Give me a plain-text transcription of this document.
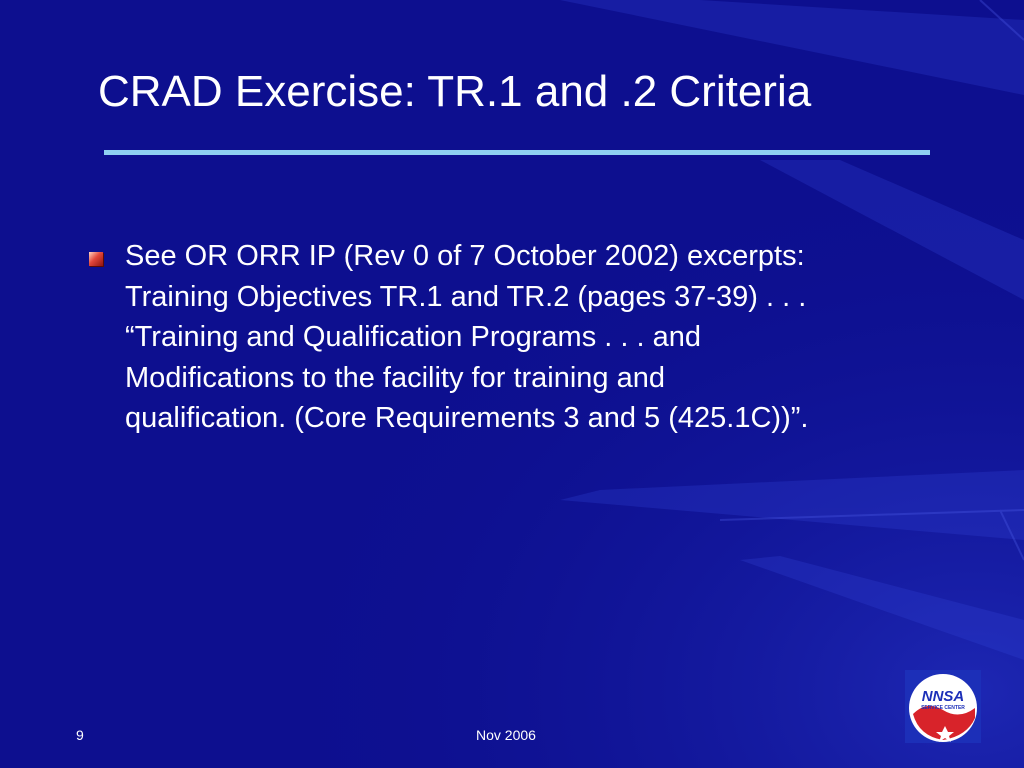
CRAD Exercise: TR.1 and .2 Criteria
See OR ORR IP (Rev 0 of 7 October 2002) excerpts:
Training Objectives TR.1 and TR.2 (pages 37-39) . . .
“Training and Qualification Programs . . . and
Modifications to the facility for training and
qualification. (Core Requirements 3 and 5 (425.1C))”.
9	Nov 2006
NNSA
SERVICE CENTER
